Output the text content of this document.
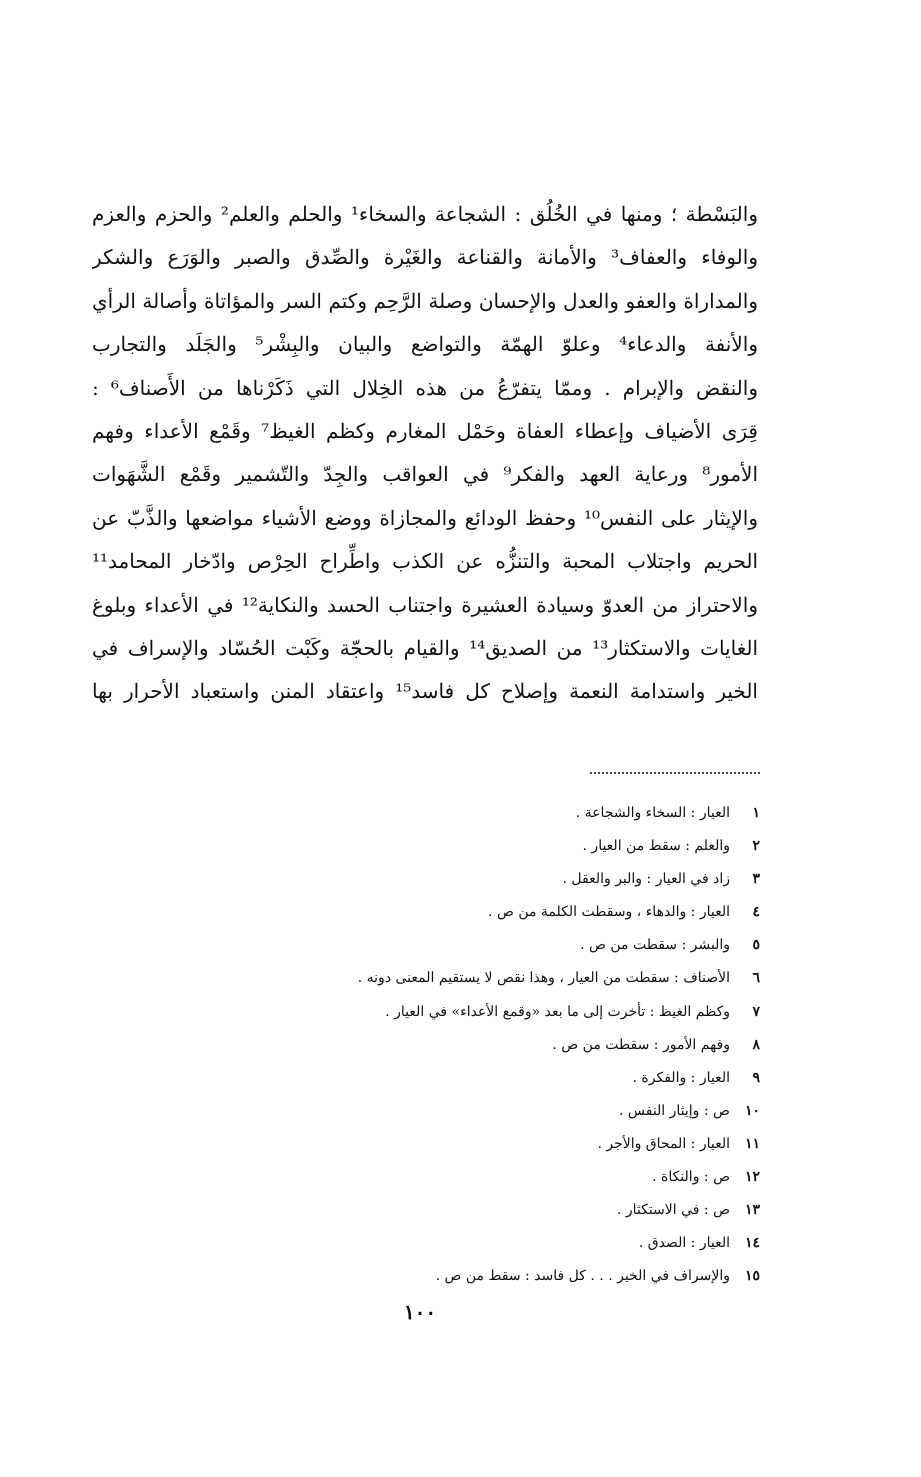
والبَسْطة ؛ ومنها في الخُلُق : الشجاعة والسخاء¹ والحلم والعلم² والحزم والعزم
والوفاء والعفاف³ والأمانة والقناعة والغَيْرة والصِّدق والصبر والوَرَع والشكر
والمداراة والعفو والعدل والإحسان وصلة الرَّحِم وكتم السر والمؤاتاة وأصالة الرأي
والأنفة والدعاء⁴ وعلوّ الهمّة والتواضع والبيان والبِشْر⁵ والجَلَد والتجارب
والنقض والإبرام . وممّا يتفرّعُ من هذه الخِلال التي ذَكَرْناها من الأَصناف⁶ :
قِرَى الأضياف وإعطاء العفاة وحَمْل المغارم وكظم الغيظ⁷ وقَمْع الأعداء وفهم
الأمور⁸ ورعاية العهد والفكر⁹ في العواقب والجِدّ والتّشمير وقَمْع الشَّهَوات
والإيثار على النفس¹⁰ وحفظ الودائع والمجازاة ووضع الأشياء مواضعها والذَّبّ عن
الحريم واجتلاب المحبة والتنزُّه عن الكذب واطِّراح الحِرْص وادّخار المحامد¹¹
والاحتراز من العدوّ وسيادة العشيرة واجتناب الحسد والنكاية¹² في الأعداء وبلوغ
الغايات والاستكثار¹³ من الصديق¹⁴ والقيام بالحجّة وكَبْت الحُسّاد والإسراف في
الخير واستدامة النعمة وإصلاح كل فاسد¹⁵ واعتقاد المنن واستعباد الأحرار بها
١
العيار : السخاء والشجاعة .
٢
والعلم : سقط من العيار .
٣
زاد في العيار : والبر والعقل .
٤
العيار : والدهاء ، وسقطت الكلمة من ص .
٥
والبشر : سقطت من ص .
٦
الأصناف : سقطت من العيار ، وهذا نقص لا يستقيم المعنى دونه .
٧
وكظم الغيظ : تأخرت إلى ما بعد «وقمع الأعداء» في العيار .
٨
وفهم الأمور : سقطت من ص .
٩
العيار : والفكرة .
١٠
ص : وإيثار النفس .
١١
العيار : المحاق والأجر .
١٢
ص : والنكاة .
١٣
ص : في الاستكثار .
١٤
العيار : الصدق .
١٥
والإسراف في الخير . . . كل فاسد : سقط من ص .
١٠٠
